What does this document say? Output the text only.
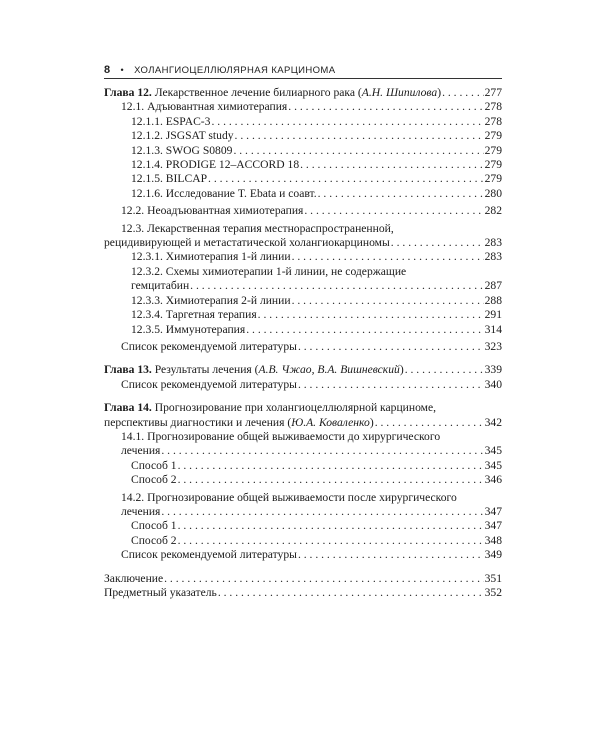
8 • ХОЛАНГИОЦЕЛЛЮЛЯРНАЯ КАРЦИНОМА
Глава 12. Лекарственное лечение билиарного рака (А.Н. Шипилова) . . .	277
12.1. Адъювантная химиотерапия . . .	278
12.1.1. ESPAC-3 . . .	278
12.1.2. JSGSAT study . . .	279
12.1.3. SWOG S0809 . . .	279
12.1.4. PRODIGE 12–ACCORD 18 . . .	279
12.1.5. BILCAP . . .	279
12.1.6. Исследование T. Ebata и соавт. . . .	280
12.2. Неоадъювантная химиотерапия . . .	282
12.3. Лекарственная терапия местнораспространенной,
рецидивирующей и метастатической холангиокарциномы . . .	283
12.3.1. Химиотерапия 1-й линии . . .	283
12.3.2. Схемы химиотерапии 1-й линии, не содержащие
гемцитабин . . .	287
12.3.3. Химиотерапия 2-й линии . . .	288
12.3.4. Таргетная терапия . . .	291
12.3.5. Иммунотерапия . . .	314
Список рекомендуемой литературы . . .	323
Глава 13. Результаты лечения (А.В. Чжао, В.А. Вишневский) . . .	339
Список рекомендуемой литературы . . .	340
Глава 14. Прогнозирование при холангиоцеллюлярной карциноме,
перспективы диагностики и лечения (Ю.А. Коваленко) . . .	342
14.1. Прогнозирование общей выживаемости до хирургического
лечения . . .	345
Способ 1 . . .	345
Способ 2 . . .	346
14.2. Прогнозирование общей выживаемости после хирургического
лечения . . .	347
Способ 1 . . .	347
Способ 2 . . .	348
Список рекомендуемой литературы . . .	349
Заключение . . .	351
Предметный указатель . . .	352
